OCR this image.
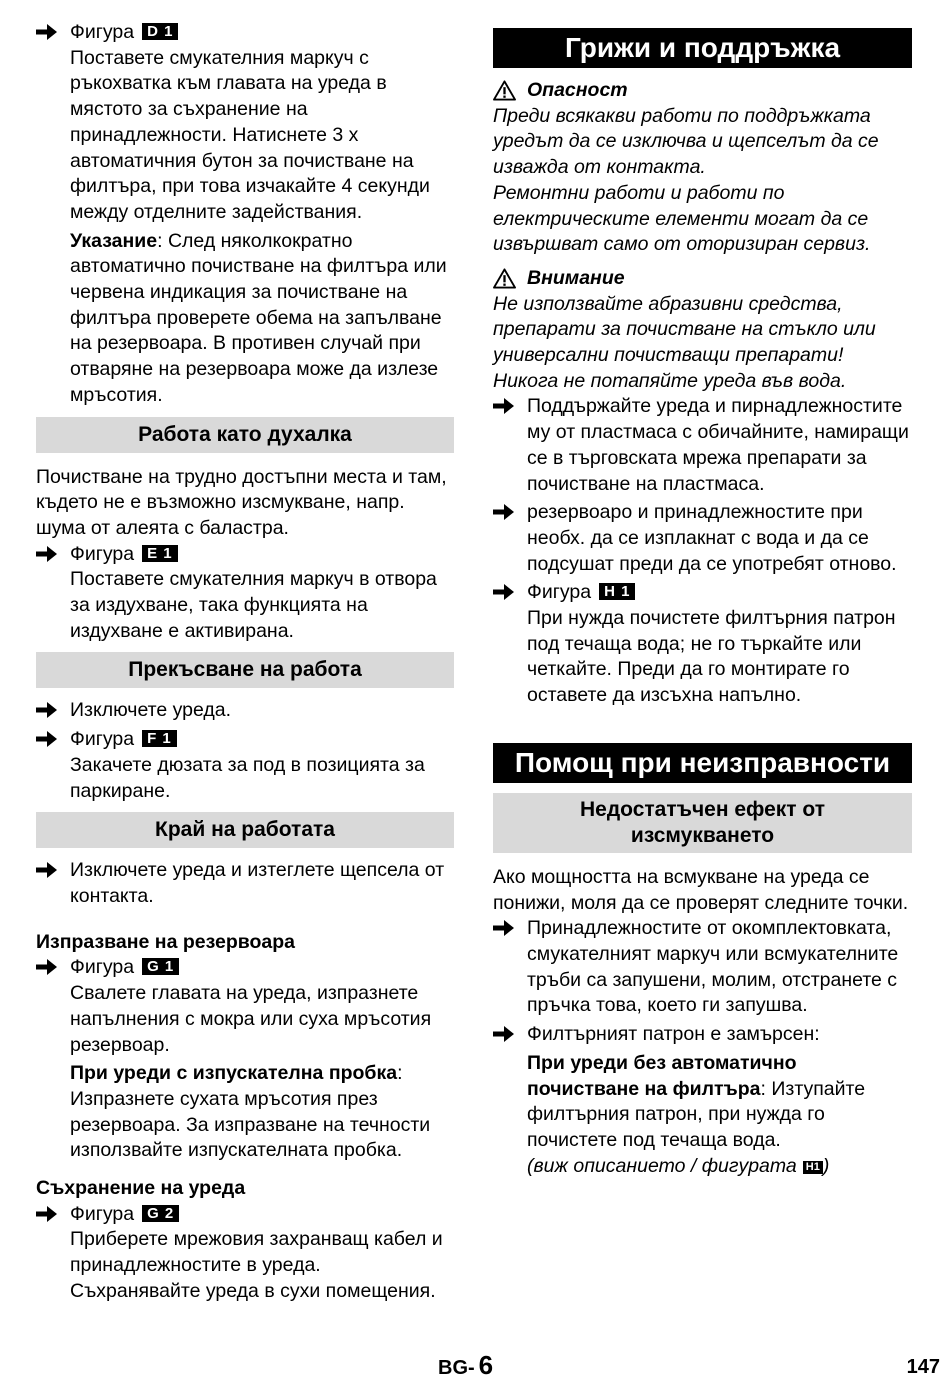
Фигура D 1

Поставете смукателния маркуч с ръкохватка към главата на уреда в мястото за съхранение на принадлежности. Натиснете 3 x автоматичния бутон за почистване на филтъра, при това изчакайте 4 секунди между отделните задействания.

Указание: След няколкократно автоматично почистване на филтъра или червена индикация за почистване на филтъра проверете обема на запълване на резервоара. В противен случай при отваряне на резервоара може да излезе мръсотия.

Работа като духалка

Почистване на трудно достъпни места и там, където не е възможно изсмукване, напр. шума от алеята с баластра.

Фигура E 1

Поставете смукателния маркуч в отвора за издухване, така функцията на издухване е активирана.

Прекъсване на работа
Изключете уреда.
Фигура F 1

Закачете дюзата за под в позицията за паркиране.

Край на работата
Изключете уреда и изтеглете щепсела от контакта.

Изпразване на резервоара

Фигура G 1

Свалете главата на уреда, изпразнете напълнения с мокра или суха мръсотия резервоар.

При уреди с изпускателна пробка: Изпразнете сухата мръсотия през резервоара. За изпразване на течности използвайте изпускателната пробка.

Съхранение на уреда

Фигура G 2

Приберете мрежовия захранващ кабел и принадлежностите в уреда. Съхранявайте уреда в сухи помещения.

Грижи и поддръжка
Опасност

Преди всякакви работи по поддръжката уредът да се изключва и щепселът да се изважда от контакта.

Ремонтни работи и работи по електрическите елементи могат да се извършват само от оторизиран сервиз.

Внимание

Не използвайте абразивни средства, препарати за почистване на стъкло или универсални почистващи препарати!

Никога не потапяйте уреда във вода.

Поддържайте уреда и пирнадлежностите му от пластмаса с обичайните, намиращи се в търговската мрежа препарати за почистване на пластмаса.
резервоаро и принадлежностите при необх. да се изплакнат с вода и да се подсушат преди да се употребят отново.
Фигура H 1

При нужда почистете филтърния патрон под течаща вода; не го търкайте или четкайте. Преди да го монтирате го оставете да изсъхна напълно.

Помощ при неизправности
Недостатъчен ефект от изсмукването

Ако мощността на всмукване на уреда се понижи, моля да се проверят следните точки.

Принадлежностите от окомплектовката, смукателният маркуч или всмукателните тръби са запушени, молим, отстранете с пръчка това, което ги запушва.
Филтърният патрон е замърсен:

При уреди без автоматично почистване на филтъра: Изтупайте филтърния патрон, при нужда го почистете под течаща вода.

(виж описанието / фигурата H1 )

BG- 6	147
